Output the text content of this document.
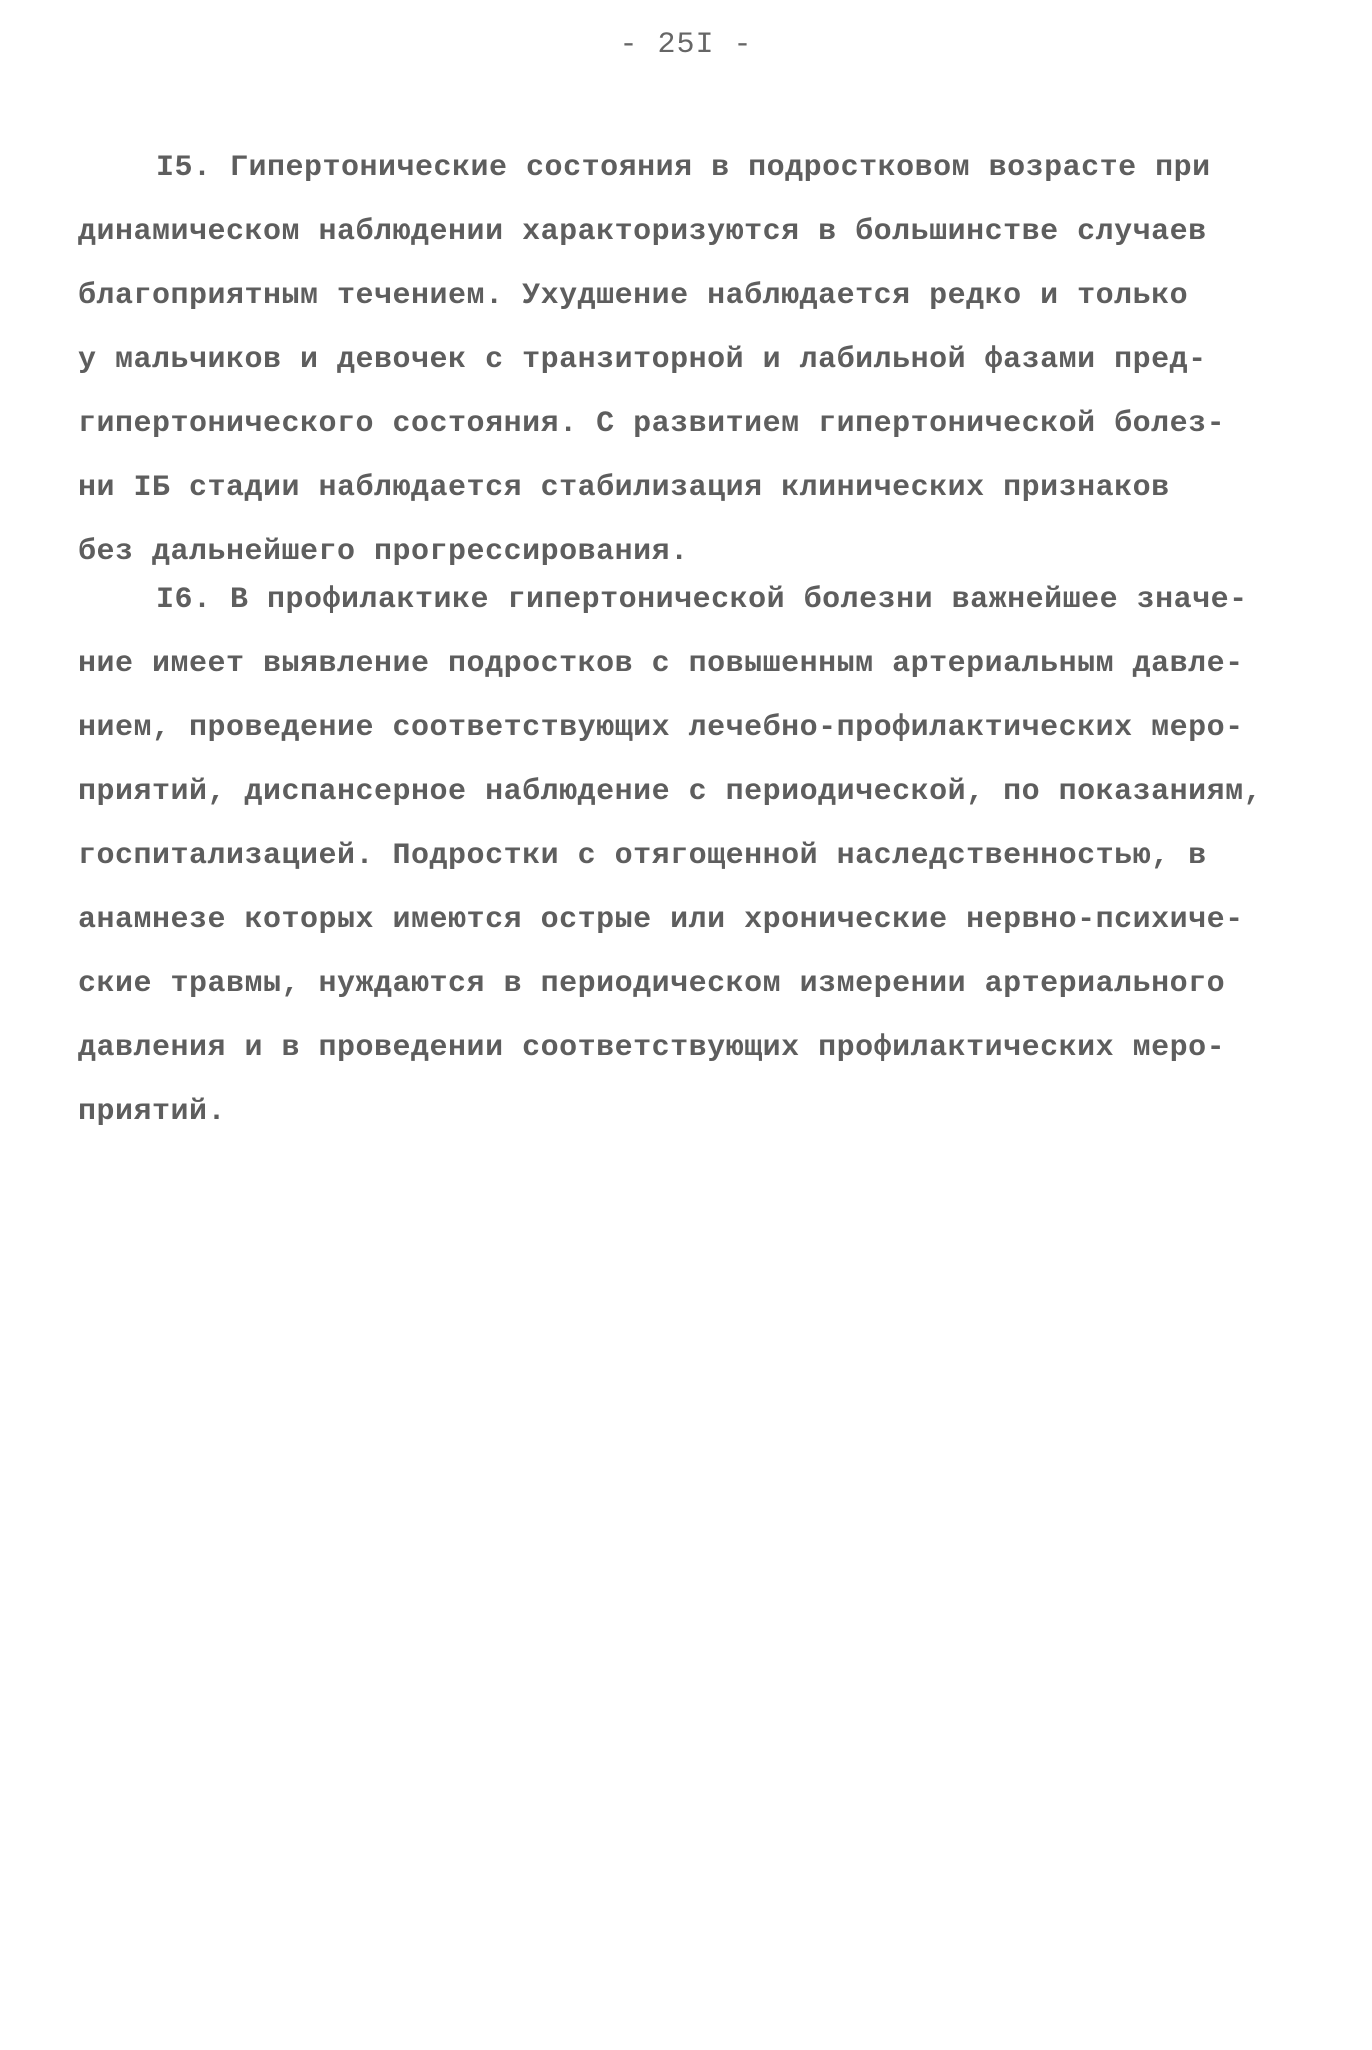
- 25I -
I5. Гипертонические состояния в подростковом возрасте при
динамическом наблюдении характоризуются в большинстве случаев
благоприятным течением. Ухудшение наблюдается редко и только
у мальчиков и девочек с транзиторной и лабильной фазами пред-
гипертонического состояния. С развитием гипертонической болез-
ни IБ стадии наблюдается стабилизация клинических признаков
без дальнейшего прогрессирования.
I6. В профилактике гипертонической болезни важнейшее значе-
ние имеет выявление подростков с повышенным артериальным давле-
нием, проведение соответствующих лечебно-профилактических меро-
приятий, диспансерное наблюдение с периодической, по показаниям,
госпитализацией. Подростки с отягощенной наследственностью, в
анамнезе которых имеются острые или хронические нервно-психиче-
ские травмы, нуждаются в периодическом измерении артериального
давления и в проведении соответствующих профилактических меро-
приятий.
